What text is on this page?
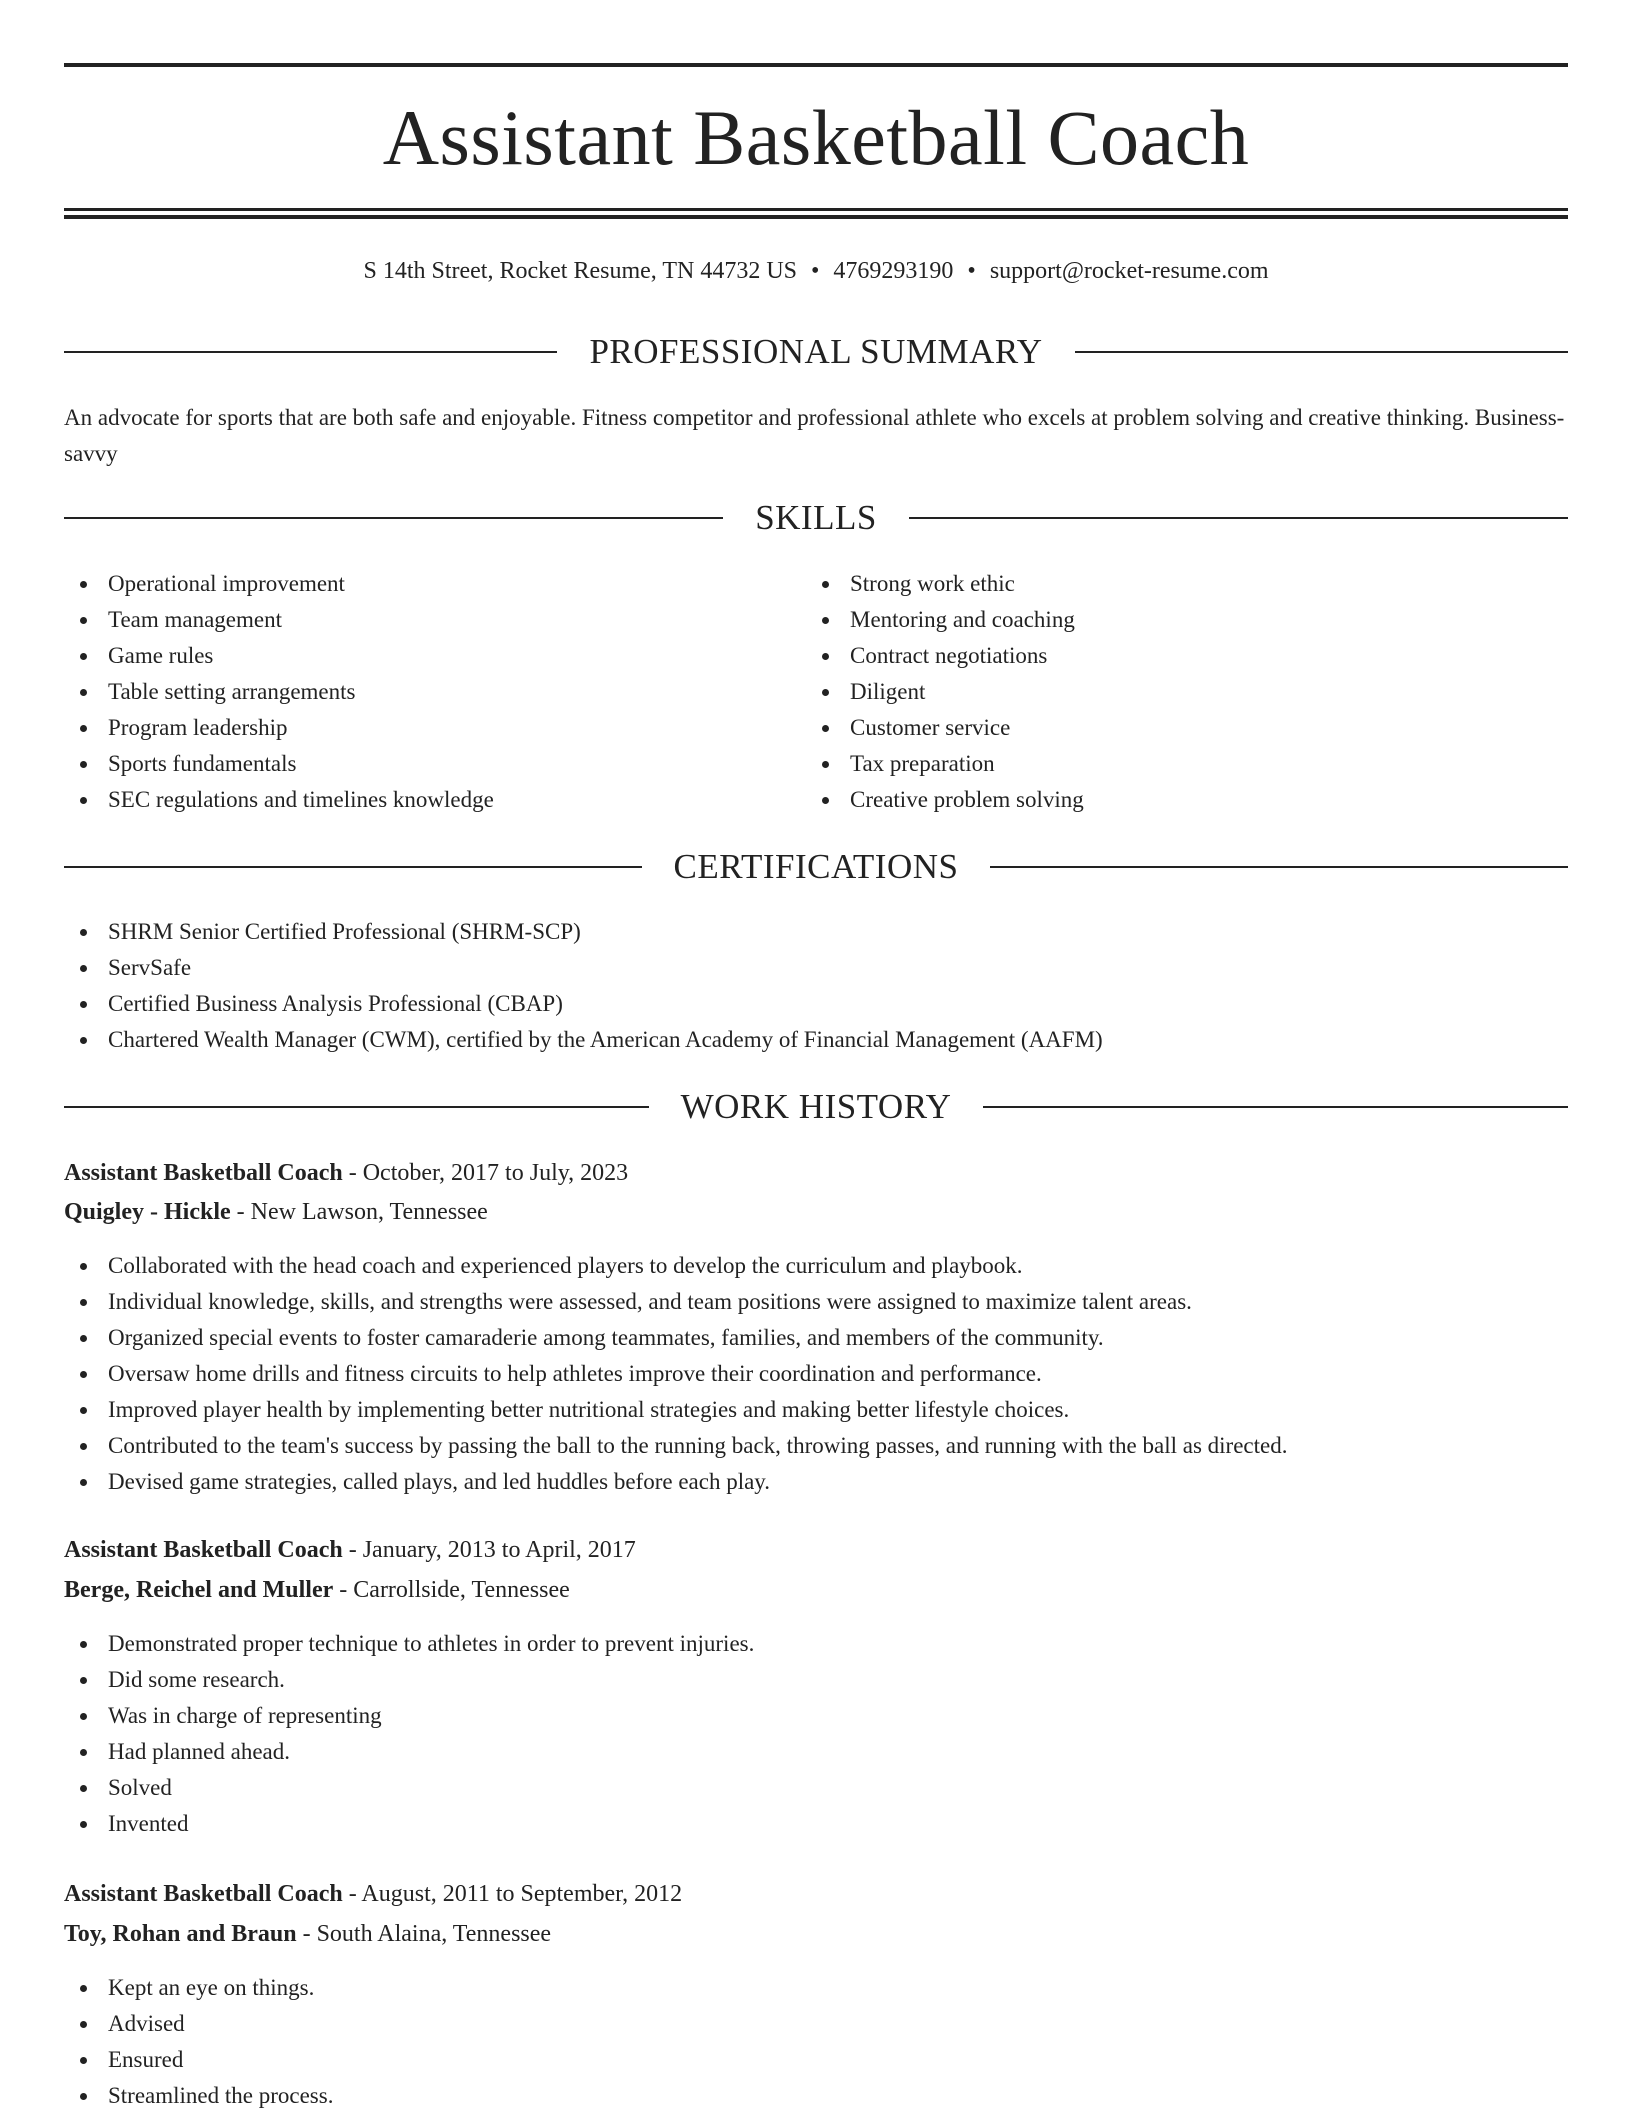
Assistant Basketball Coach
S 14th Street, Rocket Resume, TN 44732 US • 4769293190 • support@rocket-resume.com
PROFESSIONAL SUMMARY

An advocate for sports that are both safe and enjoyable. Fitness competitor and professional athlete who excels at problem solving and creative thinking. Business-savvy

SKILLS
Operational improvement
Team management
Game rules
Table setting arrangements
Program leadership
Sports fundamentals
SEC regulations and timelines knowledge
Strong work ethic
Mentoring and coaching
Contract negotiations
Diligent
Customer service
Tax preparation
Creative problem solving
CERTIFICATIONS
SHRM Senior Certified Professional (SHRM-SCP)
ServSafe
Certified Business Analysis Professional (CBAP)
Chartered Wealth Manager (CWM), certified by the American Academy of Financial Management (AAFM)
WORK HISTORY
Assistant Basketball Coach - October, 2017 to July, 2023
Quigley - Hickle - New Lawson, Tennessee
Collaborated with the head coach and experienced players to develop the curriculum and playbook.
Individual knowledge, skills, and strengths were assessed, and team positions were assigned to maximize talent areas.
Organized special events to foster camaraderie among teammates, families, and members of the community.
Oversaw home drills and fitness circuits to help athletes improve their coordination and performance.
Improved player health by implementing better nutritional strategies and making better lifestyle choices.
Contributed to the team's success by passing the ball to the running back, throwing passes, and running with the ball as directed.
Devised game strategies, called plays, and led huddles before each play.
Assistant Basketball Coach - January, 2013 to April, 2017
Berge, Reichel and Muller - Carrollside, Tennessee
Demonstrated proper technique to athletes in order to prevent injuries.
Did some research.
Was in charge of representing
Had planned ahead.
Solved
Invented
Assistant Basketball Coach - August, 2011 to September, 2012
Toy, Rohan and Braun - South Alaina, Tennessee
Kept an eye on things.
Advised
Ensured
Streamlined the process.
